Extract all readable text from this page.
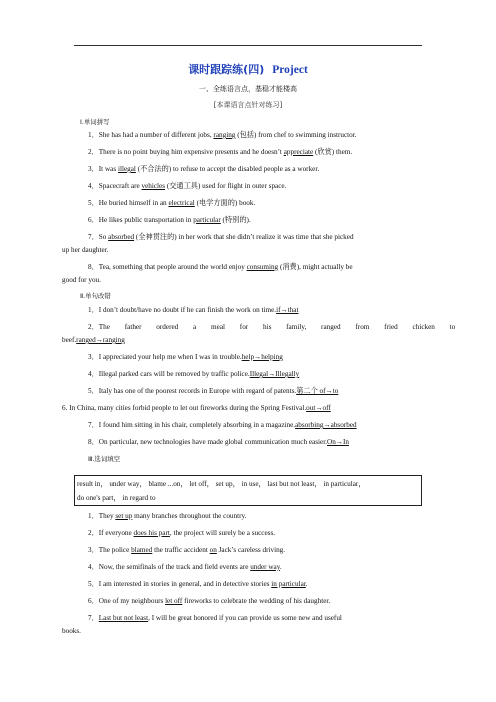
课时跟踪练(四) Project
一、全练语言点，基稳才能楼高
[本课语言点针对练习]
Ⅰ.单词拼写
1．She has had a number of different jobs, ranging (包括) from chef to swimming instructor.
2．There is no point buying him expensive presents and he doesn’t appreciate (欣赏) them.
3．It was illegal (不合法的) to refuse to accept the disabled people as a worker.
4．Spacecraft are vehicles (交通工具) used for flight in outer space.
5．He buried himself in an electrical (电学方面的) book.
6．He likes public transportation in particular (特别的).
7．So absorbed (全神贯注的) in her work that she didn’t realize it was time that she picked
up her daughter.
8．Tea, something that people around the world enjoy consuming (消费), might actually be
good for you.
Ⅱ.单句改错
1．I don’t doubt/have no doubt if he can finish the work on time.if→that
2．The father ordered a meal for his family, ranged from fried chicken to
beef.ranged→ranging
3．I appreciated your help me when I was in trouble.help→helping
4．Illegal parked cars will be removed by traffic police.Illegal→Illegally
5．Italy has one of the poorest records in Europe with regard of patents.第二个 of→to
6. In China, many cities forbid people to let out fireworks during the Spring Festival.out→off
7．I found him sitting in his chair, completely absorbing in a magazine.absorbing→absorbed
8．On particular, new technologies have made global communication much easier.On→In
Ⅲ.选词填空
result in， under way， blame ...on， let off， set up， in use， last but not least， in particular，
do one's part， in regard to
1．They set up many branches throughout the country.
2．If everyone does his part, the project will surely be a success.
3．The police blamed the traffic accident on Jack’s careless driving.
4．Now, the semifinals of the track and field events are under way.
5．I am interested in stories in general, and in detective stories in particular.
6．One of my neighbours let off fireworks to celebrate the wedding of his daughter.
7．Last but not least, I will be great honored if you can provide us some new and useful
books.
